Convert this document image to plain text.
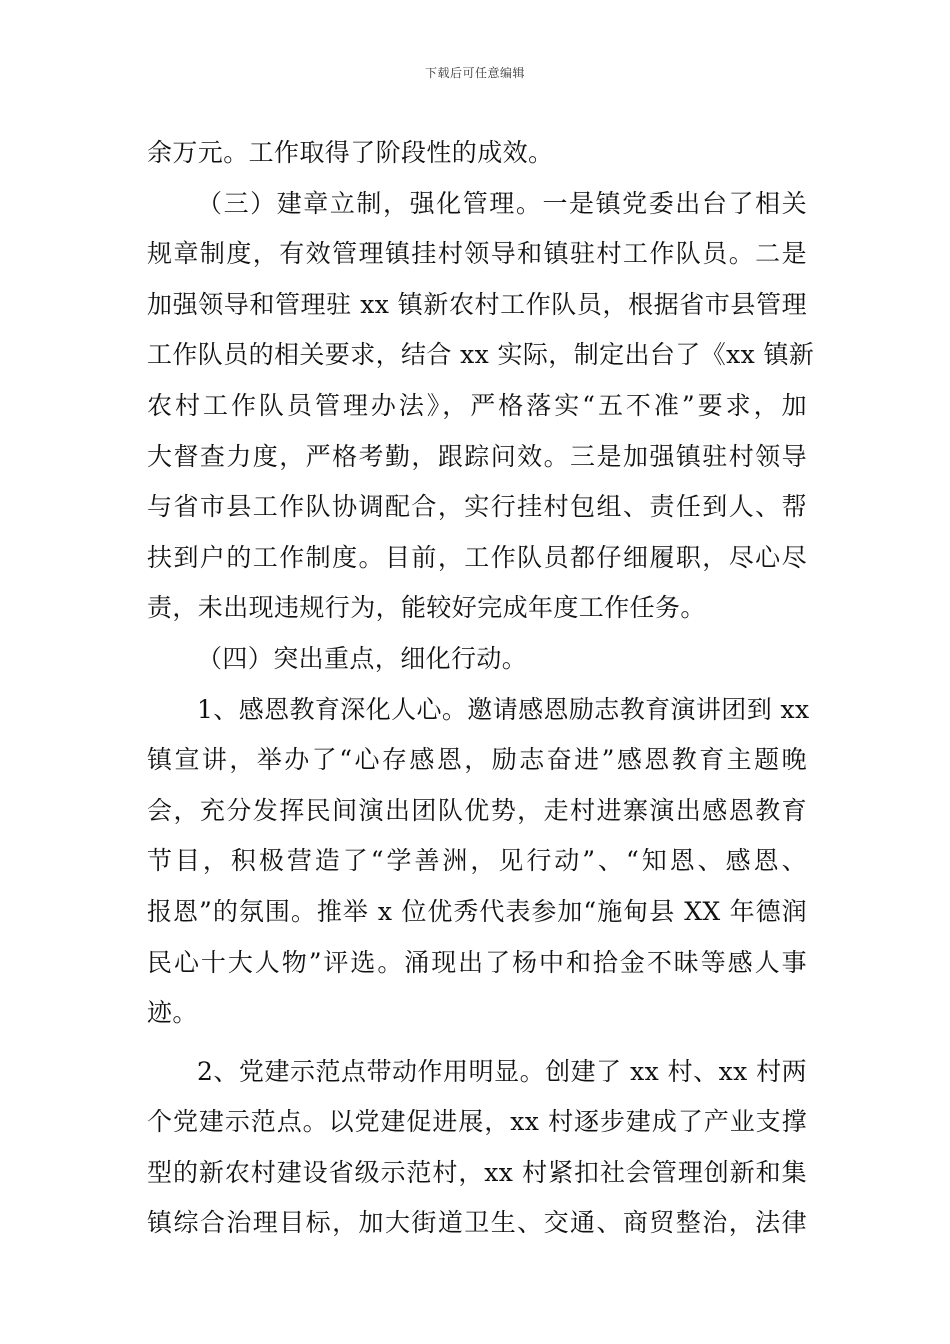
下载后可任意编辑
余万元。工作取得了阶段性的成效。
（三）建章立制，强化管理。一是镇党委出台了相关
规章制度，有效管理镇挂村领导和镇驻村工作队员。二是
加强领导和管理驻 xx 镇新农村工作队员，根据省市县管理
工作队员的相关要求，结合 xx 实际，制定出台了《xx 镇新
农村工作队员管理办法》，严格落实“五不准”要求，加
大督查力度，严格考勤，跟踪问效。三是加强镇驻村领导
与省市县工作队协调配合，实行挂村包组、责任到人、帮
扶到户的工作制度。目前，工作队员都仔细履职，尽心尽
责，未出现违规行为，能较好完成年度工作任务。
（四）突出重点，细化行动。
1、感恩教育深化人心。邀请感恩励志教育演讲团到 xx
镇宣讲，举办了“心存感恩，励志奋进”感恩教育主题晚
会，充分发挥民间演出团队优势，走村进寨演出感恩教育
节目，积极营造了“学善洲，见行动”、“知恩、感恩、
报恩”的氛围。推举 x 位优秀代表参加“施甸县 XX 年德润
民心十大人物”评选。涌现出了杨中和拾金不昧等感人事
迹。
2、党建示范点带动作用明显。创建了 xx 村、xx 村两
个党建示范点。以党建促进展，xx 村逐步建成了产业支撑
型的新农村建设省级示范村，xx 村紧扣社会管理创新和集
镇综合治理目标，加大街道卫生、交通、商贸整治，法律
